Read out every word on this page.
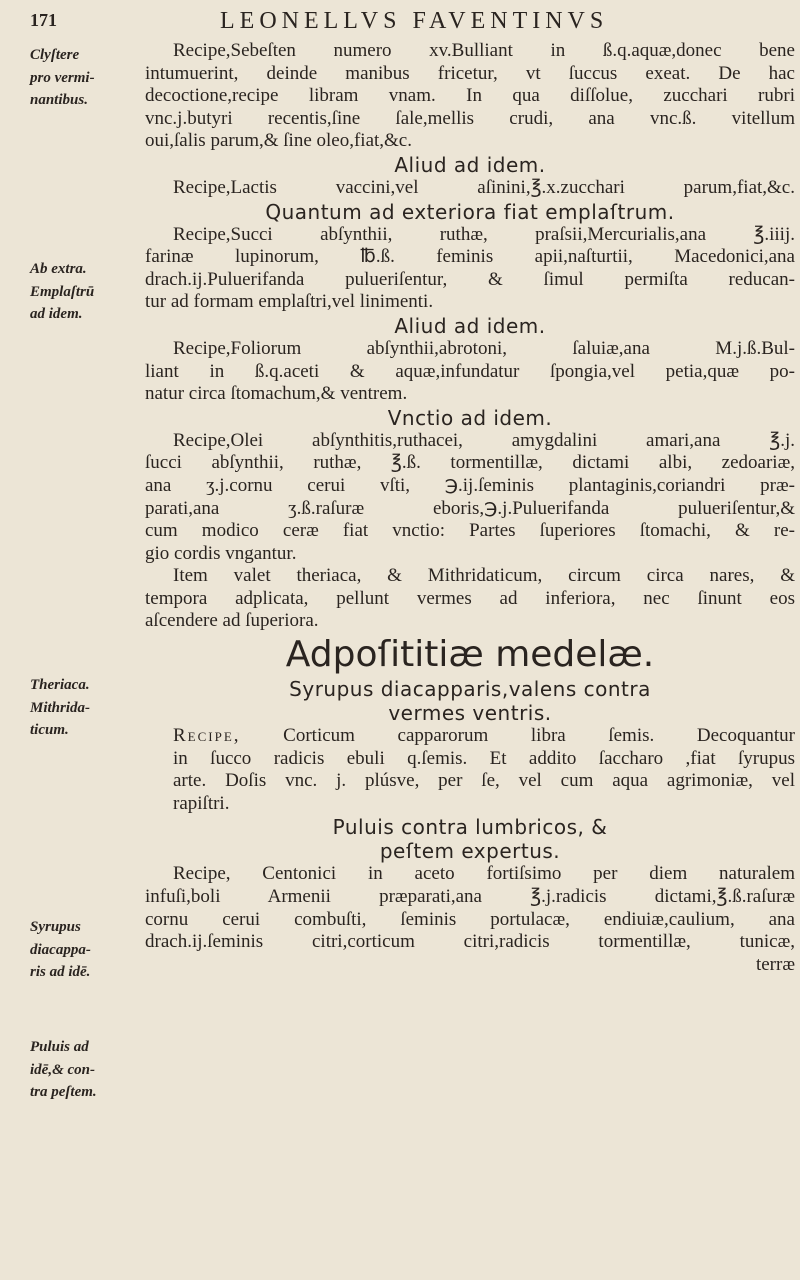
171	LEONELLVS FAVENTINVS
Clyſtere
pro vermi-
nantibus.
Ab extra.
Emplaſtrū
ad idem.
Theriaca.
Mithrida-
ticum.
Syrupus
diacappa-
ris ad idē.
Puluis ad
idē,& con-
tra peſtem.
Recipe,Sebeſten numero xv.Bulliant in ß.q.aquæ,donec bene
intumuerint, deinde manibus fricetur, vt ſuccus exeat. De hac
decoctione,recipe libram vnam. In qua diſſolue, zucchari rubri
vnc.j.butyri recentis,ſine ſale,mellis crudi, ana vnc.ß. vitellum
oui,ſalis parum,& ſine oleo,fiat,&c.
Aliud ad idem.
Recipe,Lactis vaccini,vel aſinini,℥.x.zucchari parum,fiat,&c.
Quantum ad exteriora fiat emplaſtrum.
Recipe,Succi abſynthii, ruthæ, praſsii,Mercurialis,ana ℥.iiij.
farinæ lupinorum, ℔.ß. feminis apii,naſturtii, Macedonici,ana
drach.ij.Puluerifanda pulueriſentur, & ſimul permiſta reducan-
tur ad formam emplaſtri,vel linimenti.
Aliud ad idem.
Recipe,Foliorum abſynthii,abrotoni, ſaluiæ,ana M.j.ß.Bul-
liant in ß.q.aceti & aquæ,infundatur ſpongia,vel petia,quæ po-
natur circa ſtomachum,& ventrem.
Vnctio ad idem.
Recipe,Olei abſynthitis,ruthacei, amygdalini amari,ana ℥.j.
ſucci abſynthii, ruthæ, ℥.ß. tormentillæ, dictami albi, zedoariæ,
ana ʒ.j.cornu cerui vſti, ℈.ij.ſeminis plantaginis,coriandri præ-
parati,ana ʒ.ß.raſuræ eboris,℈.j.Puluerifanda pulueriſentur,&
cum modico ceræ fiat vnctio: Partes ſuperiores ſtomachi, & re-
gio cordis vngantur.
Item valet theriaca, & Mithridaticum, circum circa nares, &
tempora adplicata, pellunt vermes ad inferiora, nec ſinunt eos
aſcendere ad ſuperiora.
Adpoſititiæ medelæ.
Syrupus diacapparis,valens contra
vermes ventris.
Recipe, Corticum capparorum libra ſemis. Decoquantur
in ſucco radicis ebuli q.ſemis. Et addito ſaccharo ,fiat ſyrupus
arte. Doſis vnc. j. plúsve, per ſe, vel cum aqua agrimoniæ, vel
rapiſtri.
Puluis contra lumbricos, &
peſtem expertus.
Recipe, Centonici in aceto fortiſsimo per diem naturalem
infuſi,boli Armenii præparati,ana ℥.j.radicis dictami,℥.ß.raſuræ
cornu cerui combuſti, ſeminis portulacæ, endiuiæ,caulium, ana
drach.ij.ſeminis citri,corticum citri,radicis tormentillæ, tunicæ,
terræ
